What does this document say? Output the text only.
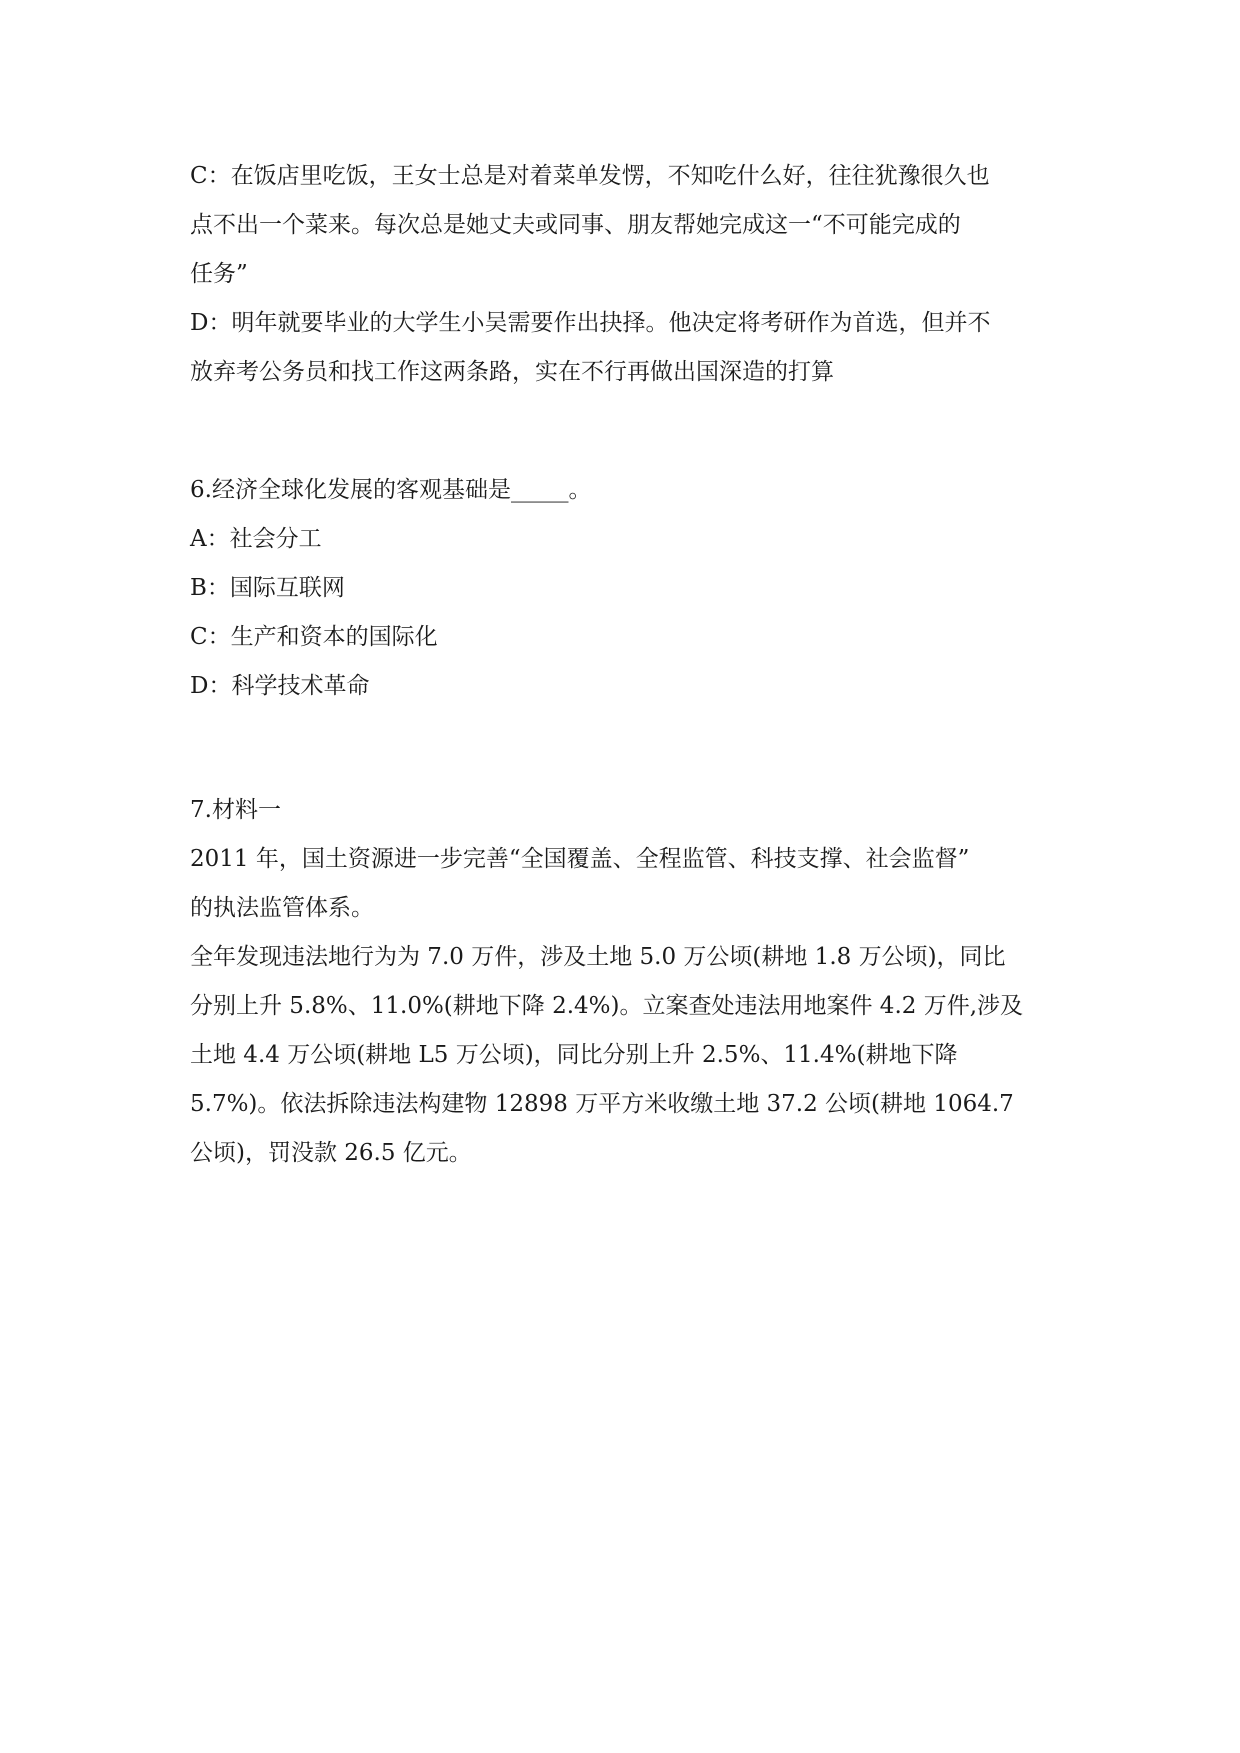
C：在饭店里吃饭，王女士总是对着菜单发愣，不知吃什么好，往往犹豫很久也

点不出一个菜来。每次总是她丈夫或同事、朋友帮她完成这一“不可能完成的

任务”

D：明年就要毕业的大学生小吴需要作出抉择。他决定将考研作为首选，但并不

放弃考公务员和找工作这两条路，实在不行再做出国深造的打算

6.经济全球化发展的客观基础是_____。

A：社会分工

B：国际互联网

C：生产和资本的国际化

D：科学技术革命

7.材料一

2011 年，国土资源进一步完善“全国覆盖、全程监管、科技支撑、社会监督”

的执法监管体系。

全年发现违法地行为为 7.0 万件，涉及土地 5.0 万公顷(耕地 1.8 万公顷)，同比

分别上升 5.8%、11.0%(耕地下降 2.4%)。立案查处违法用地案件 4.2 万件,涉及

土地 4.4 万公顷(耕地 L5 万公顷)，同比分别上升 2.5%、11.4%(耕地下降

5.7%)。依法拆除违法构建物 12898 万平方米收缴土地 37.2 公顷(耕地 1064.7

公顷)，罚没款 26.5 亿元。
